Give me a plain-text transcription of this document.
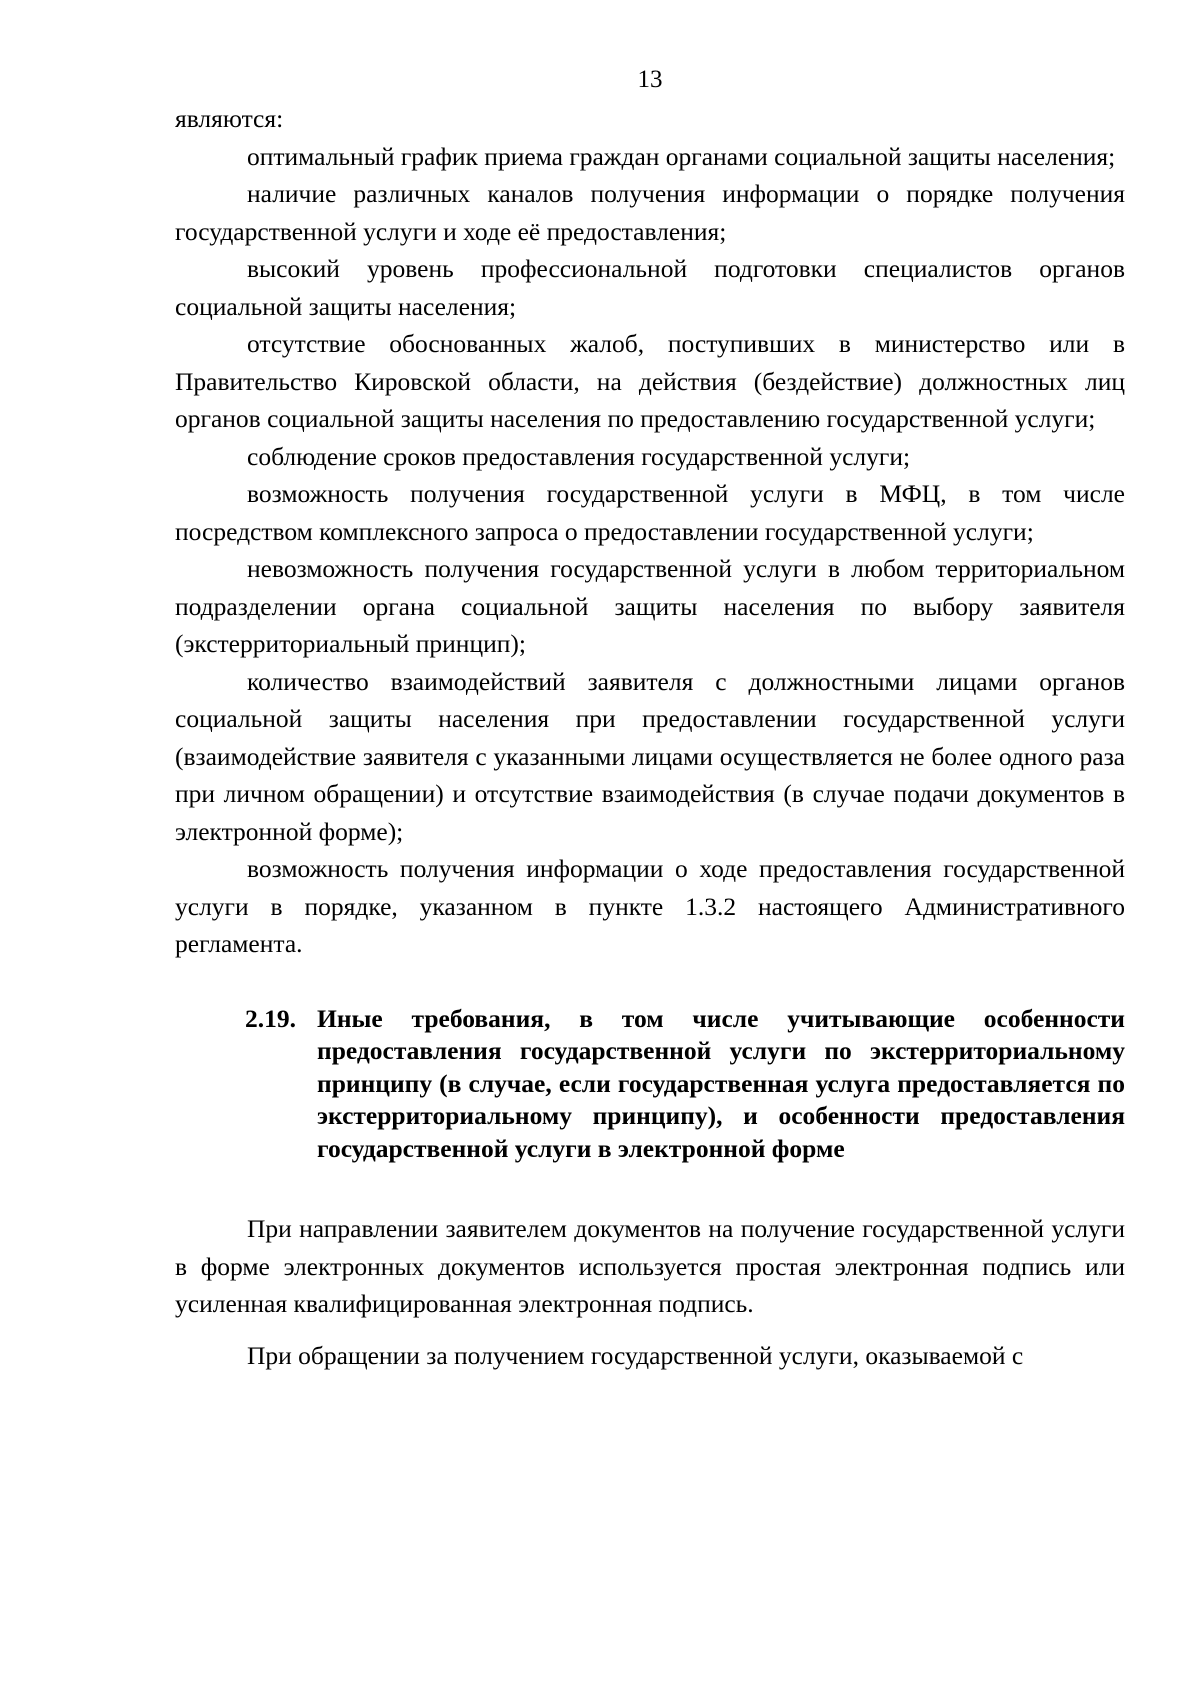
13

являются:

оптимальный график приема граждан органами социальной защиты населения;

наличие различных каналов получения информации о порядке получения государственной услуги и ходе её предоставления;

высокий уровень профессиональной подготовки специалистов органов социальной защиты населения;

отсутствие обоснованных жалоб, поступивших в министерство или в Правительство Кировской области, на действия (бездействие) должностных лиц органов социальной защиты населения по предоставлению государственной услуги;

соблюдение сроков предоставления государственной услуги;

возможность получения государственной услуги в МФЦ, в том числе посредством комплексного запроса о предоставлении государственной услуги;

невозможность получения государственной услуги в любом территориальном подразделении органа социальной защиты населения по выбору заявителя (экстерриториальный принцип);

количество взаимодействий заявителя с должностными лицами органов социальной защиты населения при предоставлении государственной услуги (взаимодействие заявителя с указанными лицами осуществляется не более одного раза при личном обращении) и отсутствие взаимодействия (в случае подачи документов в электронной форме);

возможность получения информации о ходе предоставления государственной услуги в порядке, указанном в пункте 1.3.2 настоящего Административного регламента.

2.19. Иные требования, в том числе учитывающие особенности предоставления государственной услуги по экстерриториальному принципу (в случае, если государственная услуга предоставляется по экстерриториальному принципу), и особенности предоставления государственной услуги в электронной форме

При направлении заявителем документов на получение государственной услуги в форме электронных документов используется простая электронная подпись или усиленная квалифицированная электронная подпись.

При обращении за получением государственной услуги, оказываемой с
